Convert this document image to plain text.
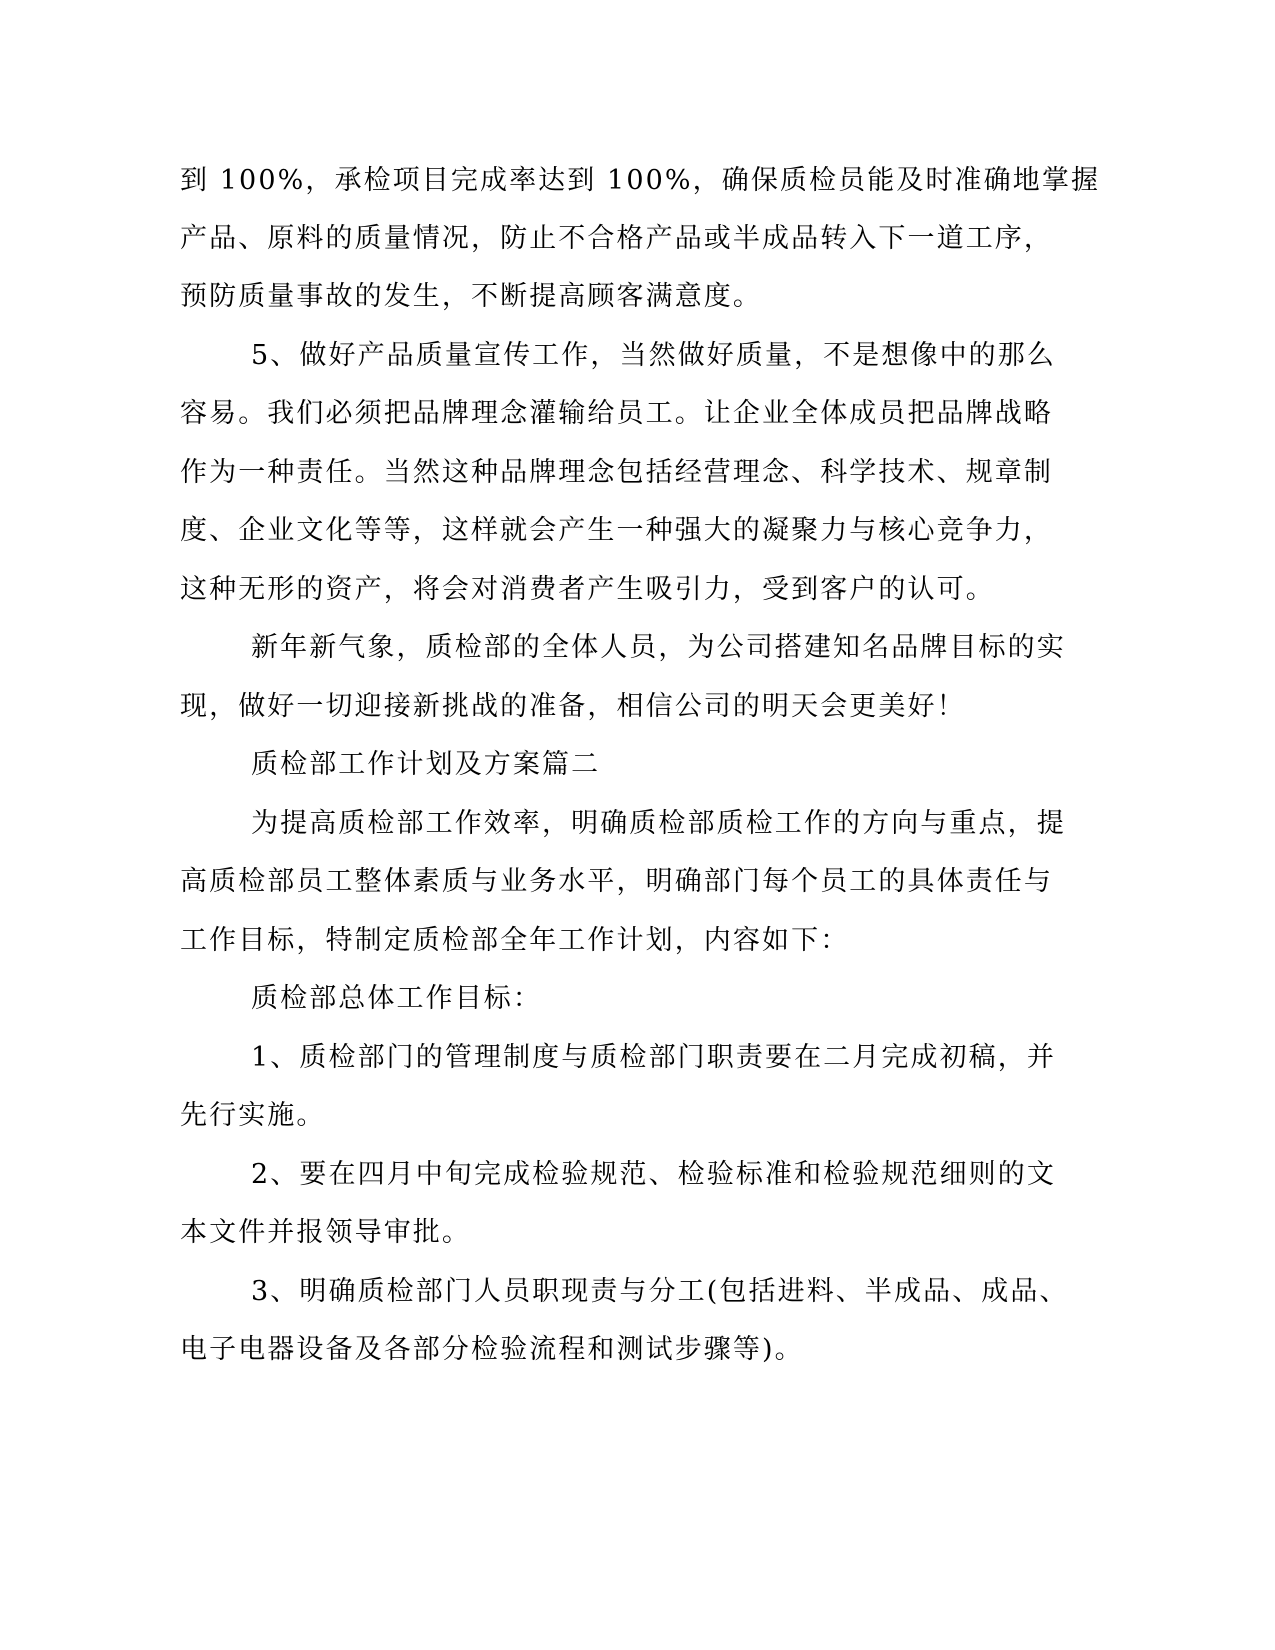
到 100%，承检项目完成率达到 100%，确保质检员能及时准确地掌握

产品、原料的质量情况，防止不合格产品或半成品转入下一道工序，

预防质量事故的发生，不断提高顾客满意度。

5、做好产品质量宣传工作，当然做好质量，不是想像中的那么

容易。我们必须把品牌理念灌输给员工。让企业全体成员把品牌战略

作为一种责任。当然这种品牌理念包括经营理念、科学技术、规章制

度、企业文化等等，这样就会产生一种强大的凝聚力与核心竞争力，

这种无形的资产，将会对消费者产生吸引力，受到客户的认可。

新年新气象，质检部的全体人员，为公司搭建知名品牌目标的实

现，做好一切迎接新挑战的准备，相信公司的明天会更美好！

质检部工作计划及方案篇二

为提高质检部工作效率，明确质检部质检工作的方向与重点，提

高质检部员工整体素质与业务水平，明确部门每个员工的具体责任与

工作目标，特制定质检部全年工作计划，内容如下：

质检部总体工作目标：

1、质检部门的管理制度与质检部门职责要在二月完成初稿，并

先行实施。

2、要在四月中旬完成检验规范、检验标准和检验规范细则的文

本文件并报领导审批。

3、明确质检部门人员职现责与分工(包括进料、半成品、成品、

电子电器设备及各部分检验流程和测试步骤等)。
